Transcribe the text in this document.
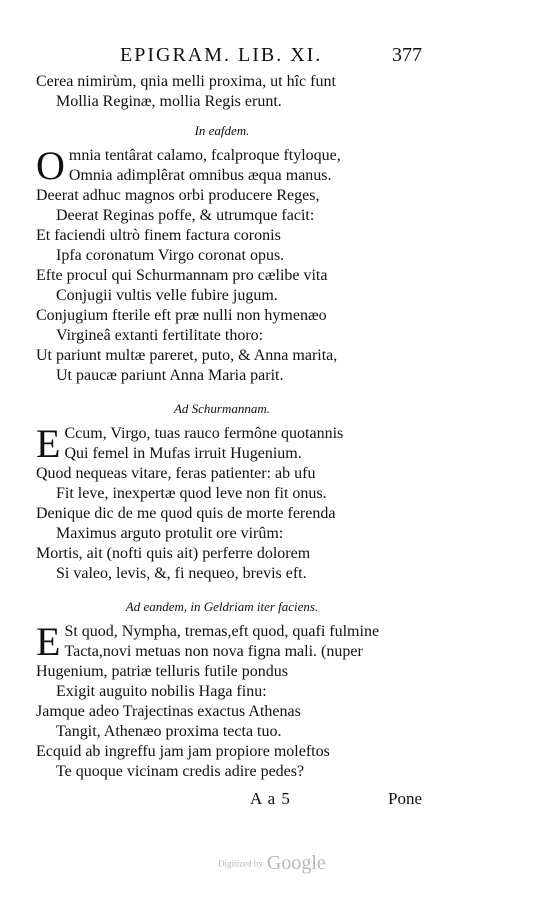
EPIGRAM. LIB. XI.	377
Cerea nimirùm, qnia melli proxima, ut hîc funt
Mollia Reginæ, mollia Regis erunt.
In eafdem.
O mnia tentârat calamo, fcalproque ftyloque,
Omnia adimplêrat omnibus æqua manus.
Deerat adhuc magnos orbi producere Reges,
Deerat Reginas poffe, & utrumque facit:
Et faciendi ultrò finem factura coronis
Ipfa coronatum Virgo coronat opus.
Efte procul qui Schurmannam pro cælibe vita
Conjugii vultis velle fubire jugum.
Conjugium fterile eft præ nulli non hymenæo
Virgineâ extanti fertilitate thoro:
Ut pariunt multæ pareret, puto, & Anna marita,
Ut paucæ pariunt Anna Maria parit.
Ad Schurmannam.
E Ccum, Virgo, tuas rauco fermône quotannis
Qui femel in Mufas irruit Hugenium.
Quod nequeas vitare, feras patienter: ab ufu
Fit leve, inexpertæ quod leve non fit onus.
Denique dic de me quod quis de morte ferenda
Maximus arguto protulit ore virûm:
Mortis, ait (nofti quis ait) perferre dolorem
Si valeo, levis, &, fi nequeo, brevis eft.
Ad eandem, in Geldriam iter faciens.
E St quod, Nympha, tremas,eft quod, quafi fulmine
Tacta,novi metuas non nova figna mali. (nuper
Hugenium, patriæ telluris futile pondus
Exigit auguito nobilis Haga finu:
Jamque adeo Trajectinas exactus Athenas
Tangit, Athenæo proxima tecta tuo.
Ecquid ab ingreffu jam jam propiore moleftos
Te quoque vicinam credis adire pedes?
A a 5	Pone
Digitized by Google
